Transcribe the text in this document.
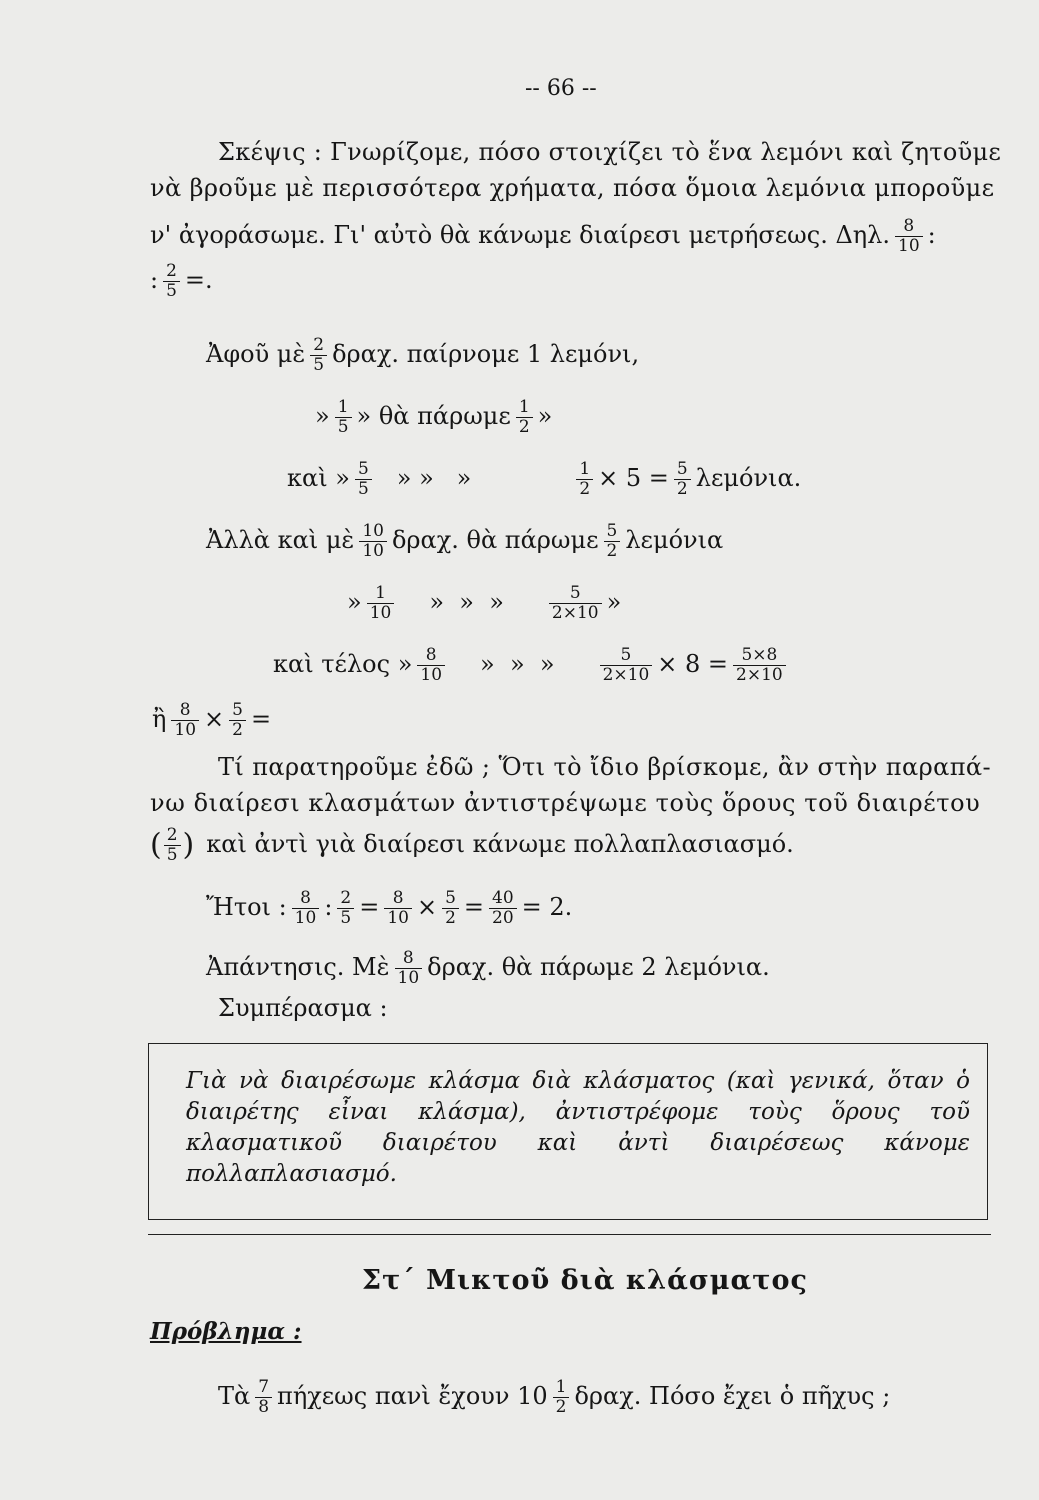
-- 66 --
Σκέψις : Γνωρίζομε, πόσο στοιχίζει τὸ ἕνα λεμόνι καὶ ζητοῦμε
νὰ βροῦμε μὲ περισσότερα χρήματα, πόσα ὅμοια λεμόνια μποροῦμε
ν' ἀγοράσωμε. Γι' αὐτὸ θὰ κάνωμε διαίρεσι μετρήσεως. Δηλ. $\frac{8}{10}$ :
: $\frac{2}{5}$ =.
Ἀφοῦ μὲ $\frac{2}{5} \delta\rho\alpha\chi$. παίρνομε 1 λεμόνι,
» $\frac{1}{5}$ » θὰ πάρωμε $\frac{1}{2}$ »
καὶ » $\frac{5}{5}$ » »   »	$\frac{1}{2} \times 5 = \frac{5}{2} \lambda\varepsilon\mu ό\nu\iota\alpha$.
Ἀλλὰ καὶ μὲ $\frac{10}{10} \delta\rho\alpha\chi$. θὰ πάρωμε $\frac{5}{2}$ λεμόνια
» $\frac{1}{10}$ »  »  »	$\frac{5}{2\times 10}$ »
καὶ τέλος » $\frac{8}{10}$ »  »  »	$\frac{5}{2\times 10} \times 8 = \frac{5\times 8}{2\times 10}$
ἢ $\frac{8}{10} \times \frac{5}{2}$ =
Τί παρατηροῦμε ἐδῶ ; Ὅτι τὸ ἴδιο βρίσκομε, ἂν στὴν παραπά-
νω διαίρεσι κλασμάτων ἀντιστρέψωμε τοὺς ὅρους τοῦ διαιρέτου
( $\frac{2}{5}$ ) καὶ ἀντὶ γιὰ διαίρεσι κάνωμε πολλαπλασιασμό.
Ἤτοι : $\frac{8}{10}$ : $\frac{2}{5} = \frac{8}{10} \times \frac{5}{2} = \frac{40}{20} = 2$.
Ἀπάντησις. Μὲ $\frac{8}{10} \delta\rho\alpha\chi$. θὰ πάρωμε 2 λεμόνια.
Συμπέρασμα :
Γιὰ νὰ διαιρέσωμε κλάσμα διὰ κλάσματος (καὶ γενικά, ὅταν ὁ διαιρέτης εἶναι κλάσμα), ἀντιστρέφομε τοὺς ὅρους τοῦ κλασματικοῦ διαιρέτου καὶ ἀντὶ διαιρέσεως κάνομε πολλαπλασιασμό.
Στ΄ Μικτοῦ διὰ κλάσματος
Πρόβλημα :
Τὰ $\frac{7}{8}$ πήχεως πανὶ ἔχουν $10 \frac{1}{2} \delta\rho\alpha\chi$. Πόσο ἔχει ὁ πῆχυς ;
